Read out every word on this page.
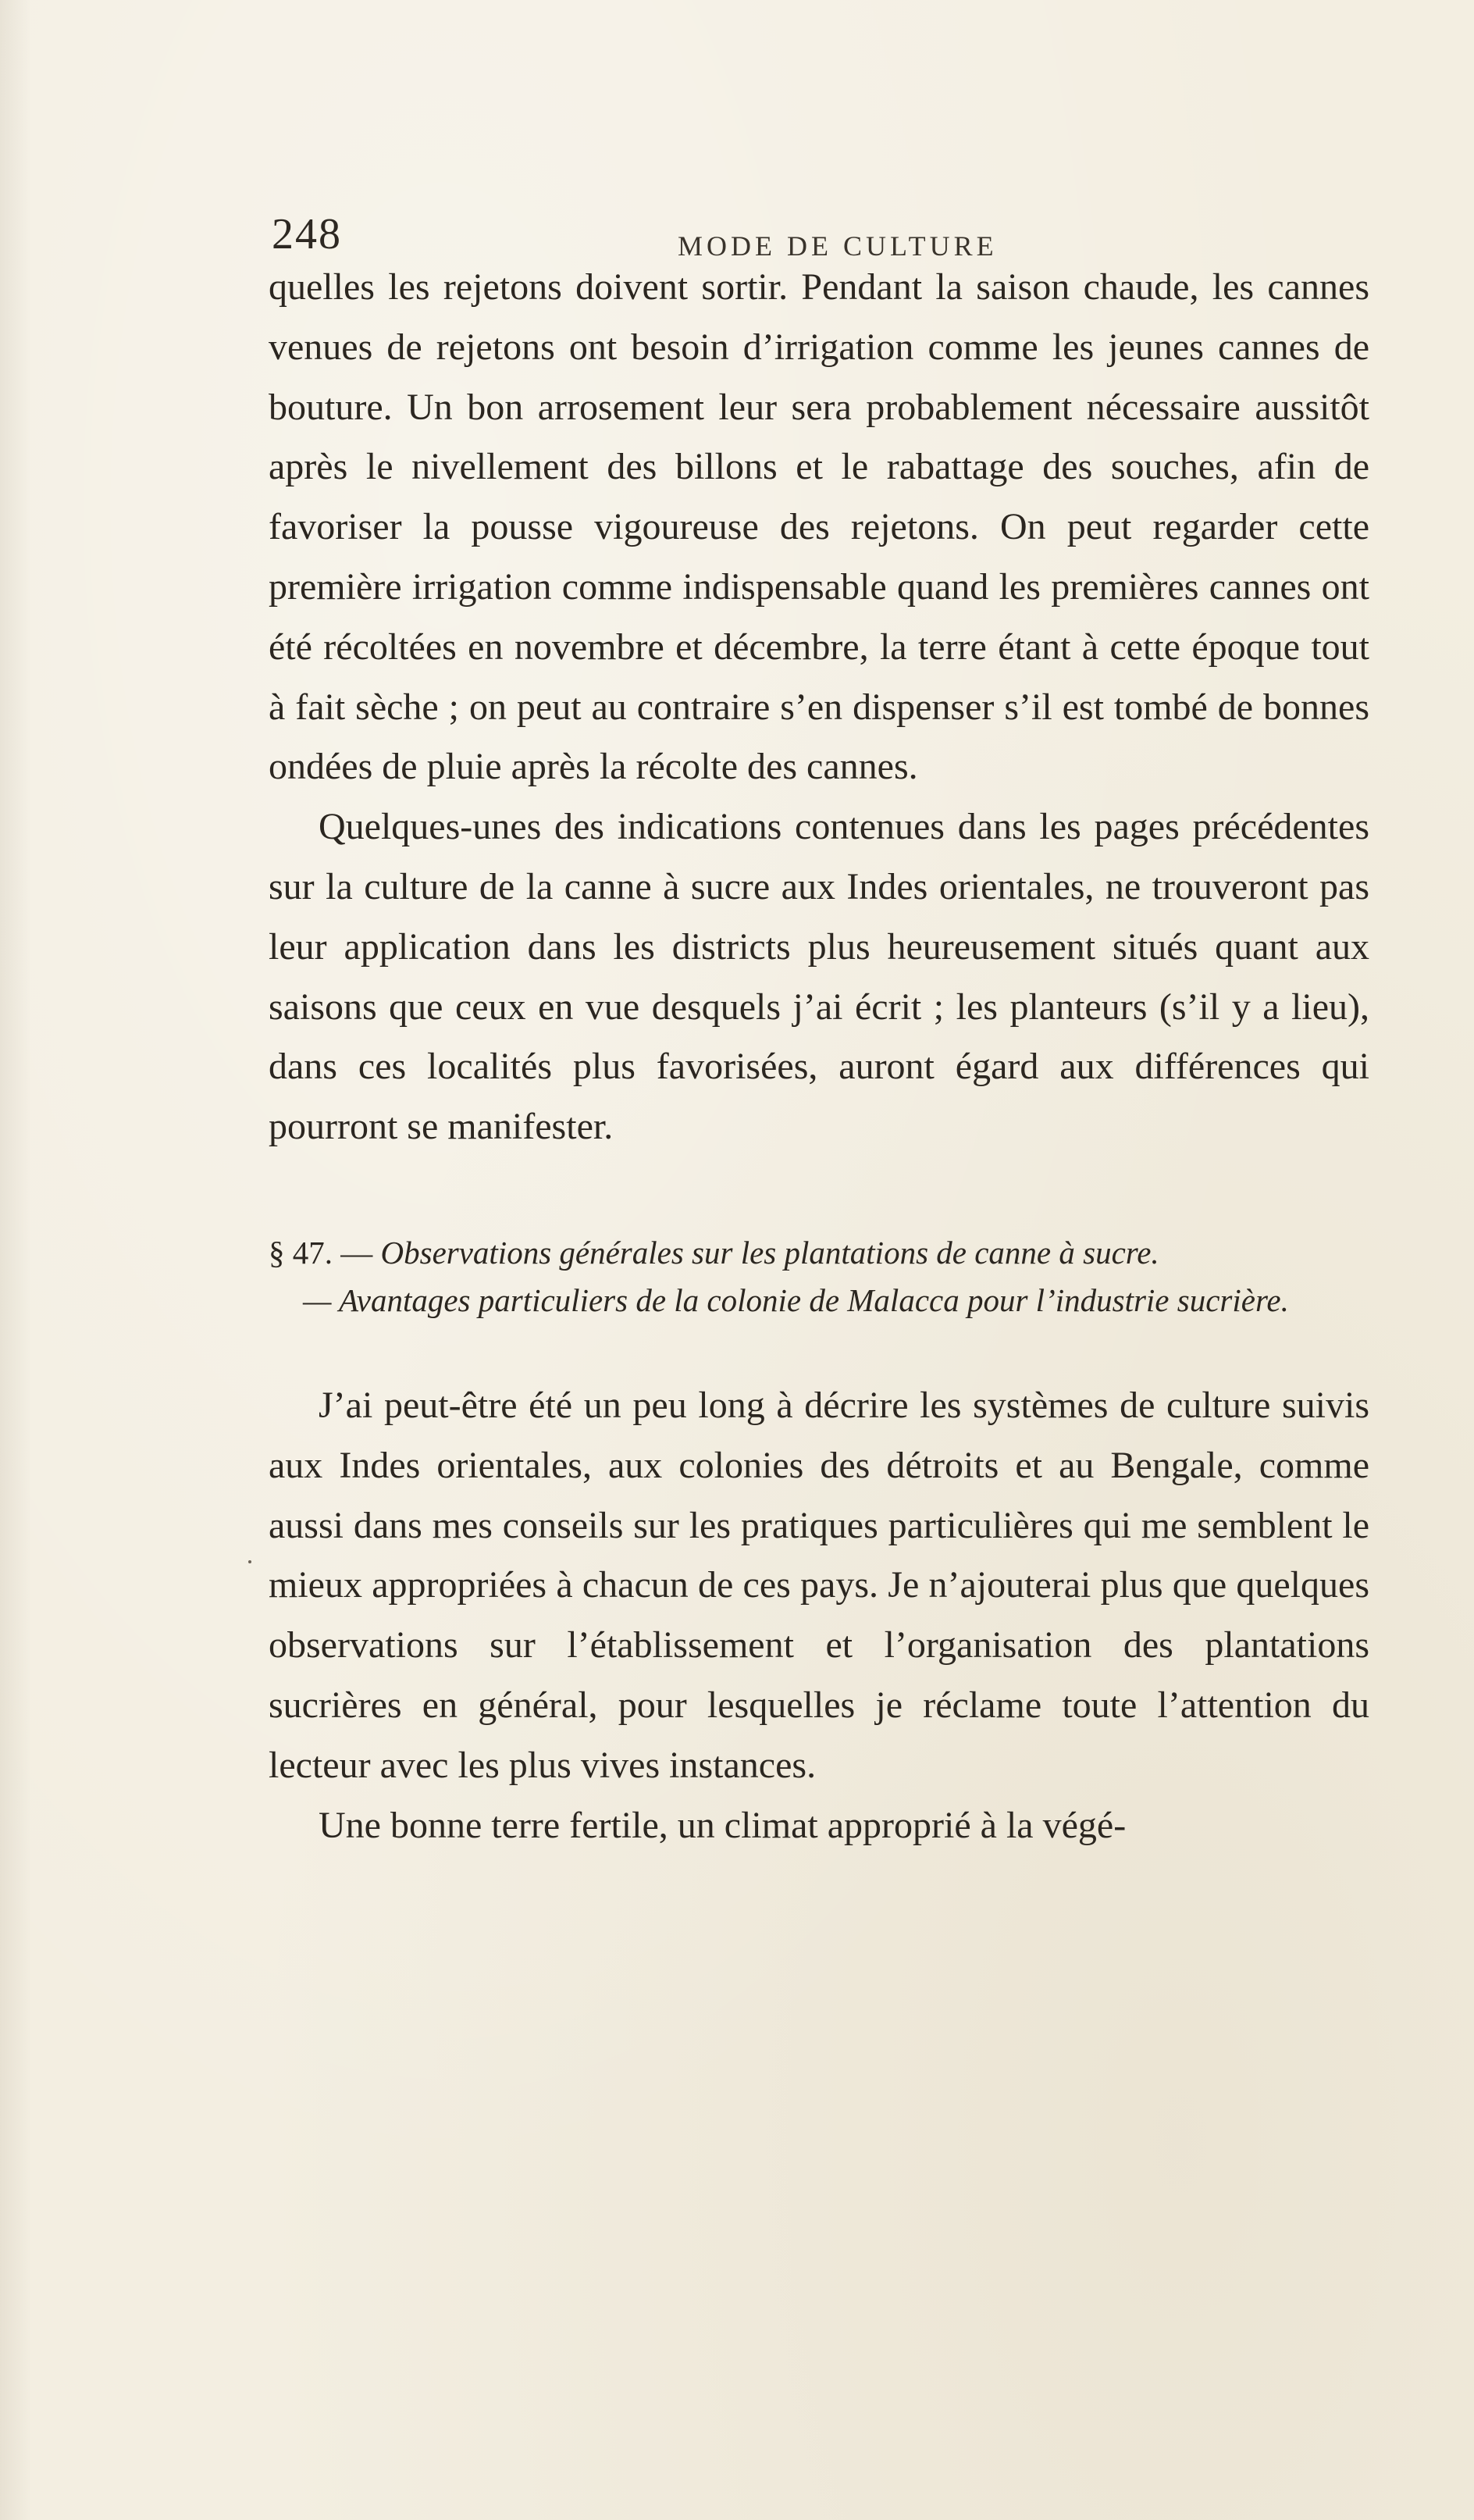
248	MODE DE CULTURE

quelles les rejetons doivent sortir. Pendant la saison chaude, les cannes venues de rejetons ont besoin d’irrigation comme les jeunes cannes de bouture. Un bon arrosement leur sera probablement nécessaire aussitôt après le nivellement des billons et le rabattage des souches, afin de favoriser la pousse vigoureuse des rejetons. On peut regarder cette première irrigation comme indispensable quand les premières cannes ont été récoltées en novembre et décembre, la terre étant à cette époque tout à fait sèche ; on peut au contraire s’en dispenser s’il est tombé de bonnes ondées de pluie après la récolte des cannes.

Quelques-unes des indications contenues dans les pages précédentes sur la culture de la canne à sucre aux Indes orientales, ne trouveront pas leur application dans les districts plus heureusement situés quant aux saisons que ceux en vue desquels j’ai écrit ; les planteurs (s’il y a lieu), dans ces localités plus favorisées, auront égard aux différences qui pourront se manifester.

§ 47. — Observations générales sur les plantations de canne à sucre.
— Avantages particuliers de la colonie de Malacca pour l’industrie sucrière.

J’ai peut-être été un peu long à décrire les systèmes de culture suivis aux Indes orientales, aux colonies des détroits et au Bengale, comme aussi dans mes conseils sur les pratiques particulières qui me semblent le mieux appropriées à chacun de ces pays. Je n’ajouterai plus que quelques observations sur l’établissement et l’organisation des plantations sucrières en général, pour lesquelles je réclame toute l’attention du lecteur avec les plus vives instances.

Une bonne terre fertile, un climat approprié à la végé-
